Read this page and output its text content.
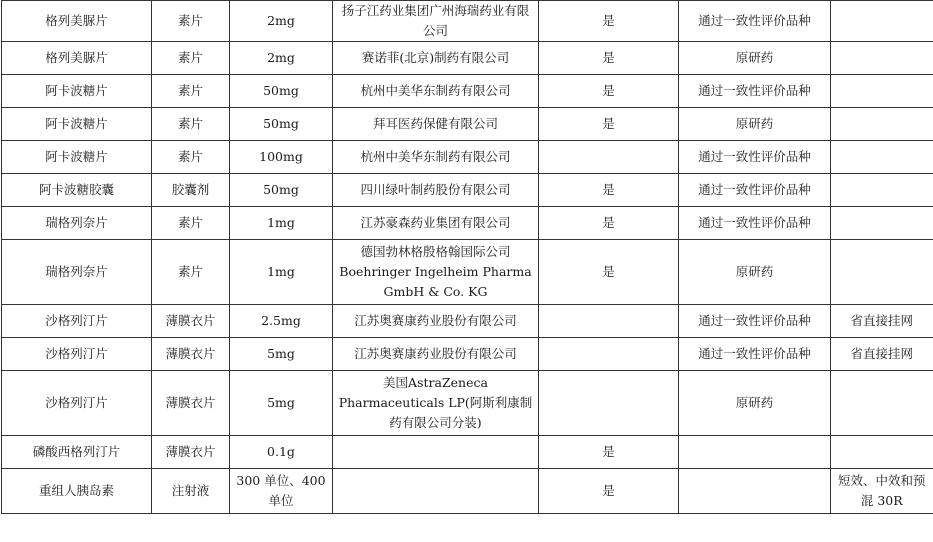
格列美脲片	素片	2mg	扬子江药业集团广州海瑞药业有限公司	是	通过一致性评价品种	
格列美脲片	素片	2mg	赛诺菲(北京)制药有限公司	是	原研药	
阿卡波糖片	素片	50mg	杭州中美华东制药有限公司	是	通过一致性评价品种	
阿卡波糖片	素片	50mg	拜耳医药保健有限公司	是	原研药	
阿卡波糖片	素片	100mg	杭州中美华东制药有限公司		通过一致性评价品种	
阿卡波糖胶囊	胶囊剂	50mg	四川绿叶制药股份有限公司	是	通过一致性评价品种	
瑞格列奈片	素片	1mg	江苏豪森药业集团有限公司	是	通过一致性评价品种	
瑞格列奈片	素片	1mg	德国勃林格殷格翰国际公司 Boehringer Ingelheim Pharma GmbH & Co. KG	是	原研药	
沙格列汀片	薄膜衣片	2.5mg	江苏奥赛康药业股份有限公司		通过一致性评价品种	省直接挂网
沙格列汀片	薄膜衣片	5mg	江苏奥赛康药业股份有限公司		通过一致性评价品种	省直接挂网
沙格列汀片	薄膜衣片	5mg	美国AstraZeneca Pharmaceuticals LP(阿斯利康制药有限公司分装)		原研药	
磷酸西格列汀片	薄膜衣片	0.1g		是		
重组人胰岛素	注射液	300 单位、400 单位		是		短效、中效和预混 30R
